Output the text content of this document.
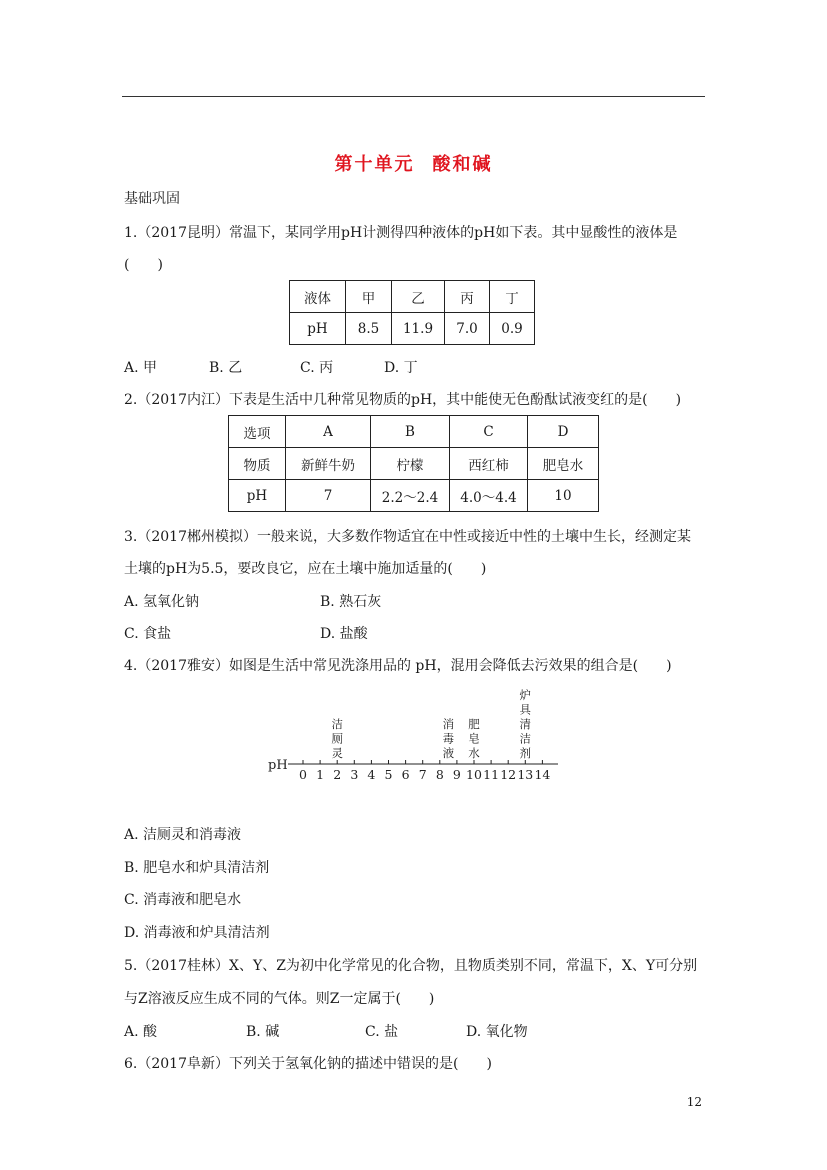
第十单元 酸和碱
基础巩固
1.（2017昆明）常温下，某同学用pH计测得四种液体的pH如下表。其中显酸性的液体是
(　　)
液体	甲	乙	丙	丁
pH	8.5	11.9	7.0	0.9
A. 甲	B. 乙	C. 丙	D. 丁
2.（2017内江）下表是生活中几种常见物质的pH，其中能使无色酚酞试液变红的是(　　)
选项	A	B	C	D
物质	新鲜牛奶	柠檬	西红柿	肥皂水
pH	7	2.2～2.4	4.0～4.4	10
3.（2017郴州模拟）一般来说，大多数作物适宜在中性或接近中性的土壤中生长，经测定某
土壤的pH为5.5，要改良它，应在土壤中施加适量的(　　)
A. 氢氧化钠	B. 熟石灰
C. 食盐	D. 盐酸
4.（2017雅安）如图是生活中常见洗涤用品的 pH，混用会降低去污效果的组合是(　　)
pH
0 1 2 3 4 5 6 7 8 9 10 11 12 13 14
洁厕灵
消毒液
肥皂水
炉具清洁剂
A. 洁厕灵和消毒液
B. 肥皂水和炉具清洁剂
C. 消毒液和肥皂水
D. 消毒液和炉具清洁剂
5.（2017桂林）X、Y、Z为初中化学常见的化合物，且物质类别不同，常温下，X、Y可分别
与Z溶液反应生成不同的气体。则Z一定属于(　　)
A. 酸	B. 碱	C. 盐	D. 氧化物
6.（2017阜新）下列关于氢氧化钠的描述中错误的是(　　)
12
